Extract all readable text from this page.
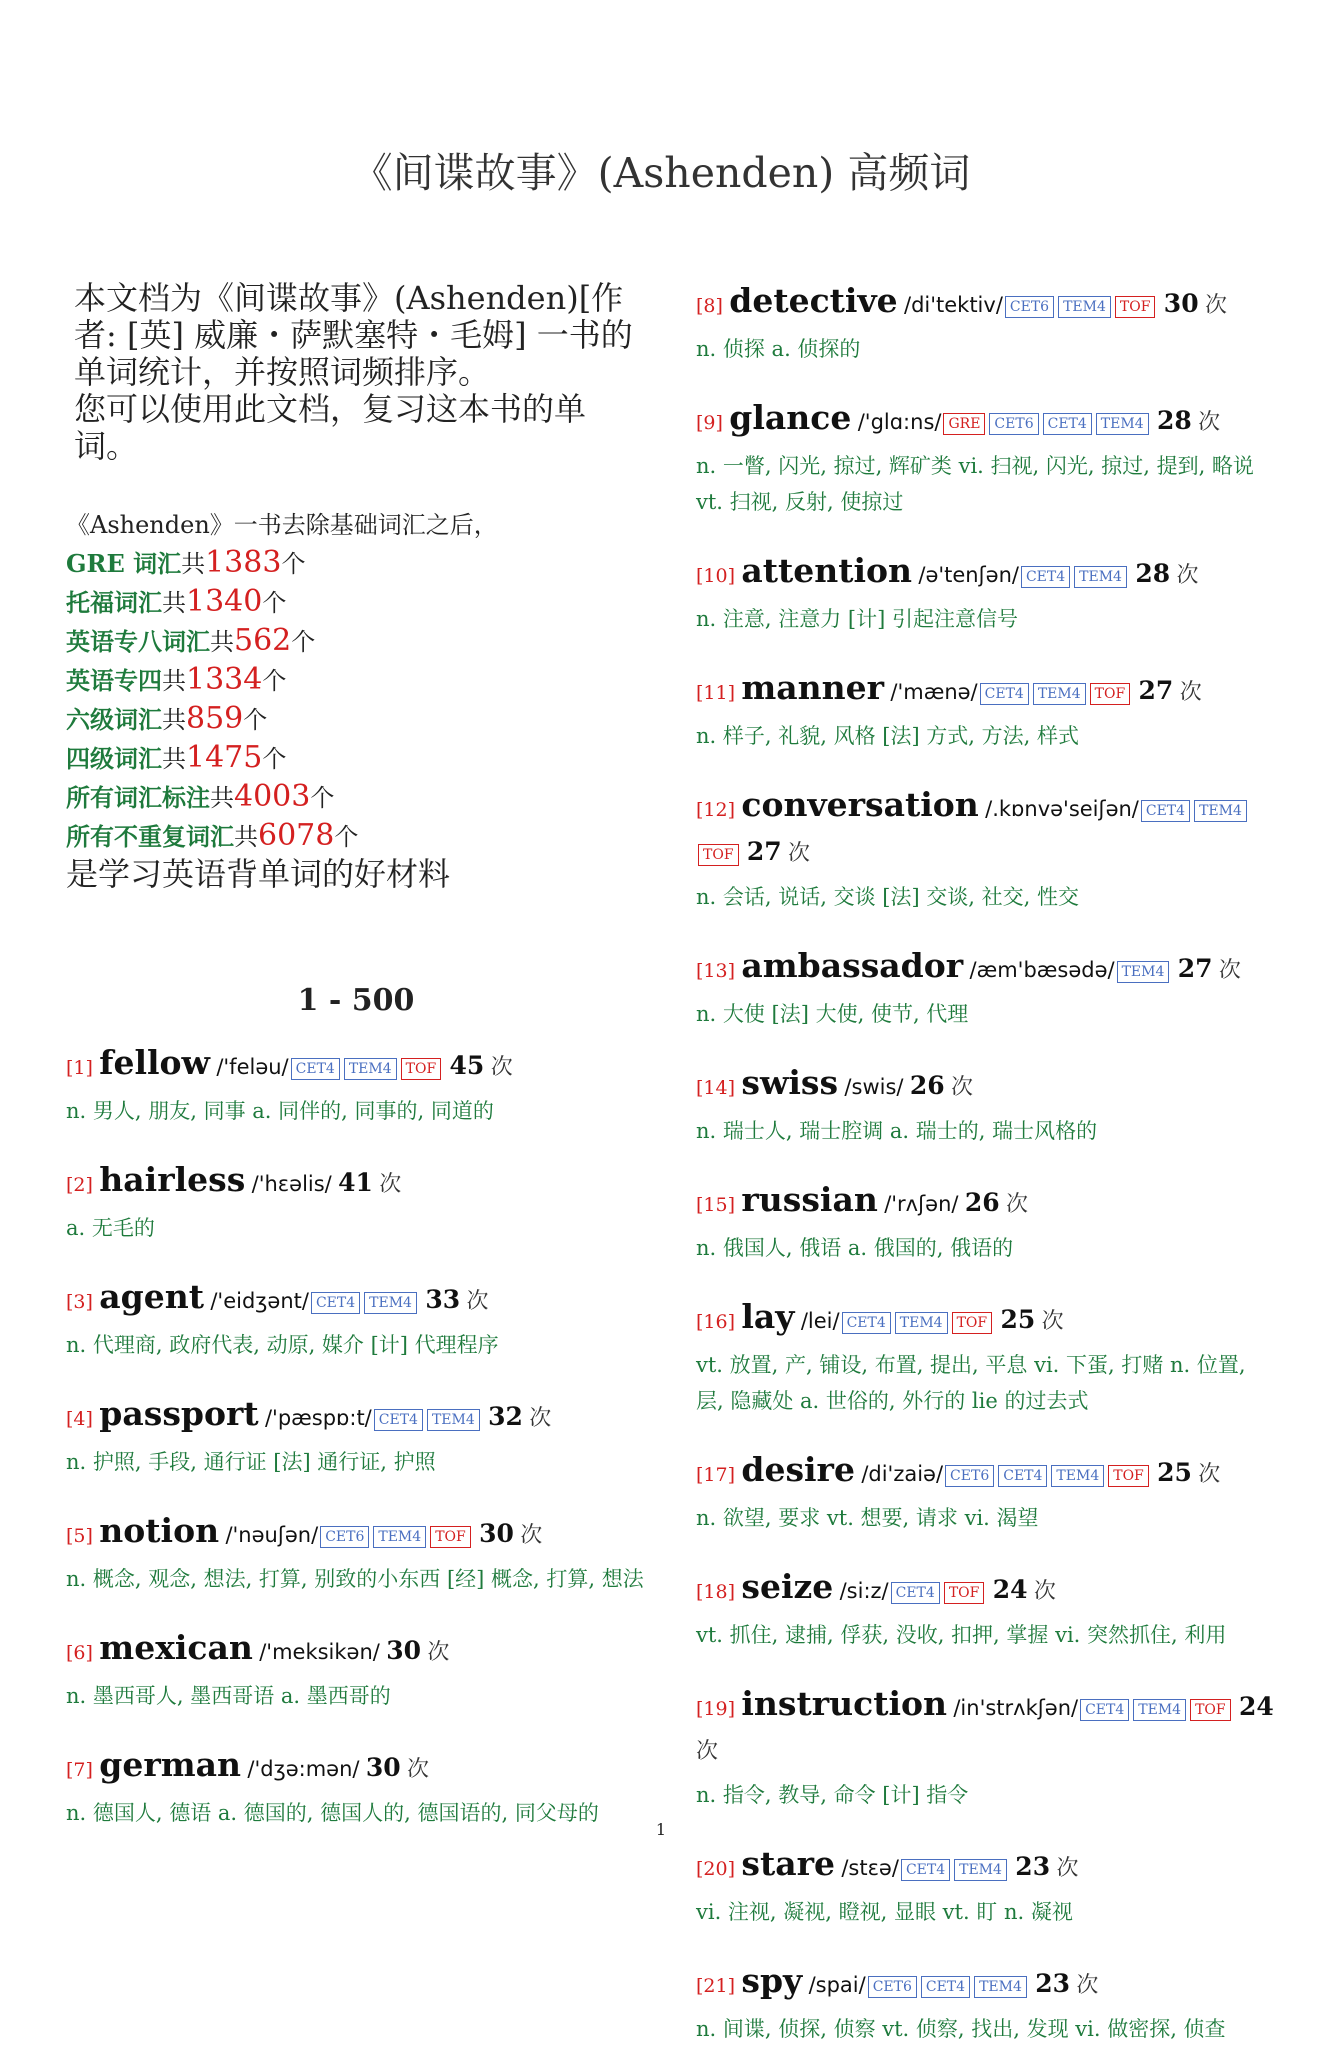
《间谍故事》(Ashenden) 高频词

本文档为《间谍故事》(Ashenden)[作者: [英] 威廉・萨默塞特・毛姆] 一书的单词统计，并按照词频排序。
您可以使用此文档，复习这本书的单词。

《Ashenden》一书去除基础词汇之后，
GRE 词汇共1383个
托福词汇共1340个
英语专八词汇共562个
英语专四共1334个
六级词汇共859个
四级词汇共1475个
所有词汇标注共4003个
所有不重复词汇共6078个
是学习英语背单词的好材料
1 - 500
[1] fellow /'feləu/ CET4 TEM4 TOF 45 次
n. 男人, 朋友, 同事 a. 同伴的, 同事的, 同道的
[2] hairless /'hɛəlis/ 41 次
a. 无毛的
[3] agent /'eidʒənt/ CET4 TEM4 33 次
n. 代理商, 政府代表, 动原, 媒介 [计] 代理程序
[4] passport /'pæspɒ:t/ CET4 TEM4 32 次
n. 护照, 手段, 通行证 [法] 通行证, 护照
[5] notion /'nəuʃən/ CET6 TEM4 TOF 30 次
n. 概念, 观念, 想法, 打算, 别致的小东西 [经] 概念, 打算, 想法
[6] mexican /'meksikən/ 30 次
n. 墨西哥人, 墨西哥语 a. 墨西哥的
[7] german /'dʒə:mən/ 30 次
n. 德国人, 德语 a. 德国的, 德国人的, 德国语的, 同父母的
[8] detective /di'tektiv/ CET6 TEM4 TOF 30 次
n. 侦探 a. 侦探的
[9] glance /'glɑ:ns/ GRE CET6 CET4 TEM4 28 次
n. 一瞥, 闪光, 掠过, 辉矿类 vi. 扫视, 闪光, 掠过, 提到, 略说 vt. 扫视, 反射, 使掠过
[10] attention /ə'tenʃən/ CET4 TEM4 28 次
n. 注意, 注意力 [计] 引起注意信号
[11] manner /'mænə/ CET4 TEM4 TOF 27 次
n. 样子, 礼貌, 风格 [法] 方式, 方法, 样式
[12] conversation /.kɒnvə'seiʃən/ CET4 TEM4TOF 27 次
n. 会话, 说话, 交谈 [法] 交谈, 社交, 性交
[13] ambassador /æm'bæsədə/ TEM4 27 次
n. 大使 [法] 大使, 使节, 代理
[14] swiss /swis/ 26 次
n. 瑞士人, 瑞士腔调 a. 瑞士的, 瑞士风格的
[15] russian /'rʌʃən/ 26 次
n. 俄国人, 俄语 a. 俄国的, 俄语的
[16] lay /lei/ CET4 TEM4 TOF 25 次
vt. 放置, 产, 铺设, 布置, 提出, 平息 vi. 下蛋, 打赌 n. 位置, 层, 隐藏处 a. 世俗的, 外行的 lie 的过去式
[17] desire /di'zaiə/ CET6 CET4 TEM4 TOF 25 次
n. 欲望, 要求 vt. 想要, 请求 vi. 渴望
[18] seize /si:z/ CET4 TOF 24 次
vt. 抓住, 逮捕, 俘获, 没收, 扣押, 掌握 vi. 突然抓住, 利用
[19] instruction /in'strʌkʃən/ CET4 TEM4 TOF 24 次
n. 指令, 教导, 命令 [计] 指令
[20] stare /stɛə/ CET4 TEM4 23 次
vi. 注视, 凝视, 瞪视, 显眼 vt. 盯 n. 凝视
[21] spy /spai/ CET6 CET4 TEM4 23 次
n. 间谍, 侦探, 侦察 vt. 侦察, 找出, 发现 vi. 做密探, 侦查
1
